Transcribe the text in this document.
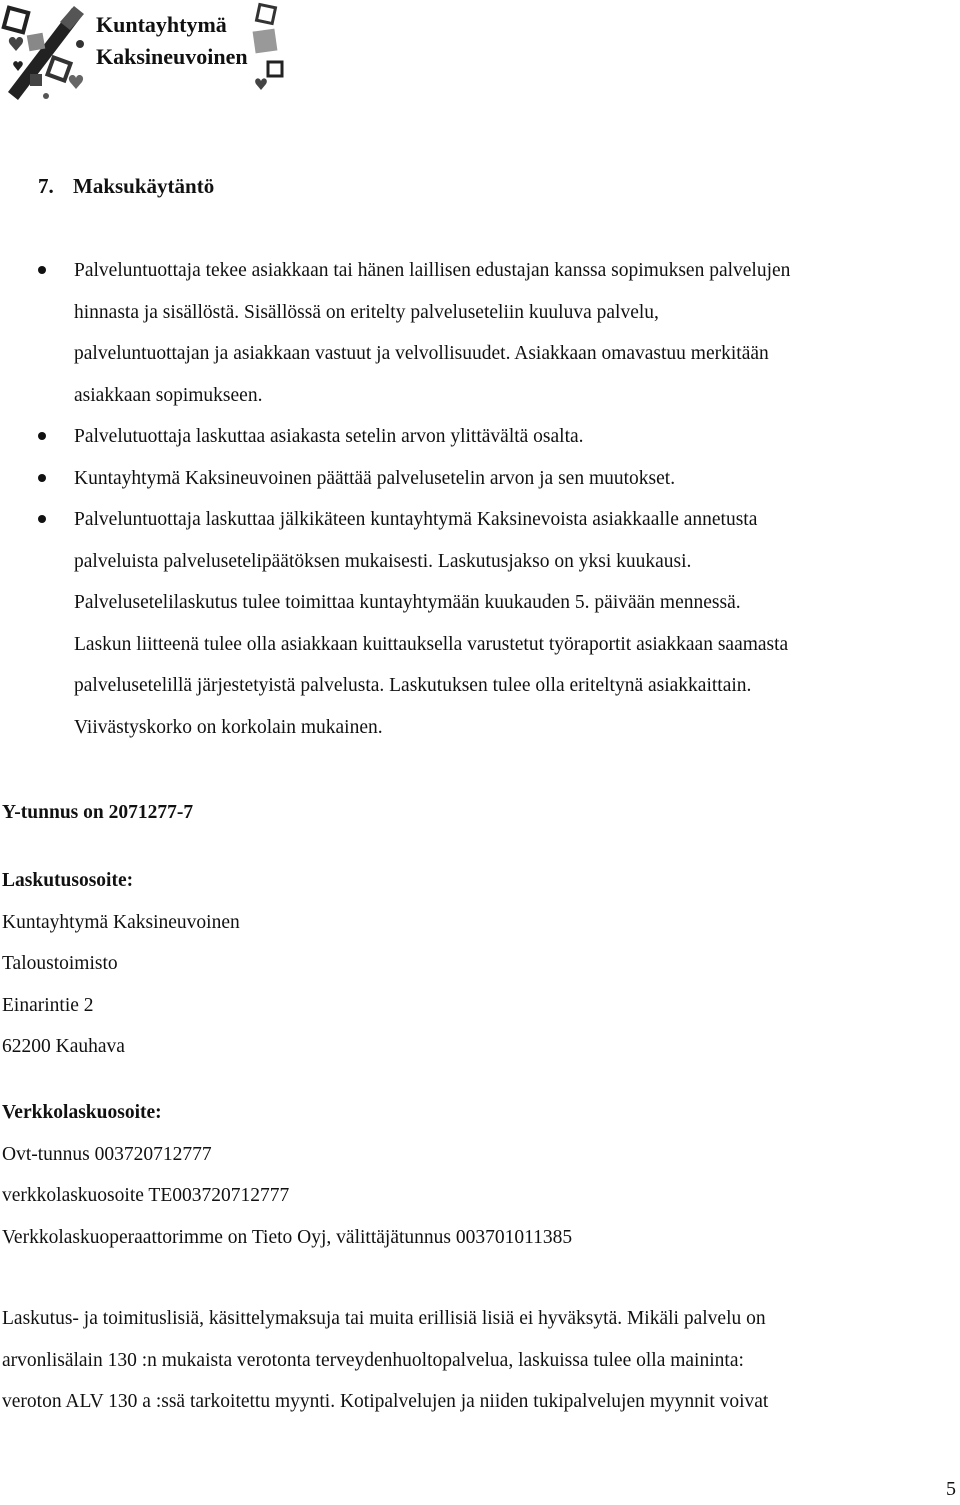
Kuntayhtymä
Kaksineuvoinen
7. Maksukäytäntö

Palveluntuottaja tekee asiakkaan tai hänen laillisen edustajan kanssa sopimuksen palvelujen
hinnasta ja sisällöstä. Sisällössä on eritelty palveluseteliin kuuluva palvelu,
palveluntuottajan ja asiakkaan vastuut ja velvollisuudet. Asiakkaan omavastuu merkitään
asiakkaan sopimukseen.

Palvelutuottaja laskuttaa asiakasta setelin arvon ylittävältä osalta.

Kuntayhtymä Kaksineuvoinen päättää palvelusetelin arvon ja sen muutokset.

Palveluntuottaja laskuttaa jälkikäteen kuntayhtymä Kaksinevoista asiakkaalle annetusta
palveluista palvelusetelipäätöksen mukaisesti. Laskutusjakso on yksi kuukausi.
Palvelusetelilaskutus tulee toimittaa kuntayhtymään kuukauden 5. päivään mennessä.
Laskun liitteenä tulee olla asiakkaan kuittauksella varustetut työraportit asiakkaan saamasta
palvelusetelillä järjestetyistä palvelusta. Laskutuksen tulee olla eriteltynä asiakkaittain.
Viivästyskorko on korkolain mukainen.

Y-tunnus on 2071277-7
Laskutusosoite:
Kuntayhtymä Kaksineuvoinen
Taloustoimisto
Einarintie 2
62200 Kauhava
Verkkolaskuosoite:
Ovt-tunnus 003720712777
verkkolaskuosoite TE003720712777
Verkkolaskuoperaattorimme on Tieto Oyj, välittäjätunnus 003701011385
Laskutus- ja toimituslisiä, käsittelymaksuja tai muita erillisiä lisiä ei hyväksytä. Mikäli palvelu on
arvonlisälain 130 :n mukaista verotonta terveydenhuoltopalvelua, laskuissa tulee olla maininta:
veroton ALV 130 a :ssä tarkoitettu myynti. Kotipalvelujen ja niiden tukipalvelujen myynnit voivat
5
